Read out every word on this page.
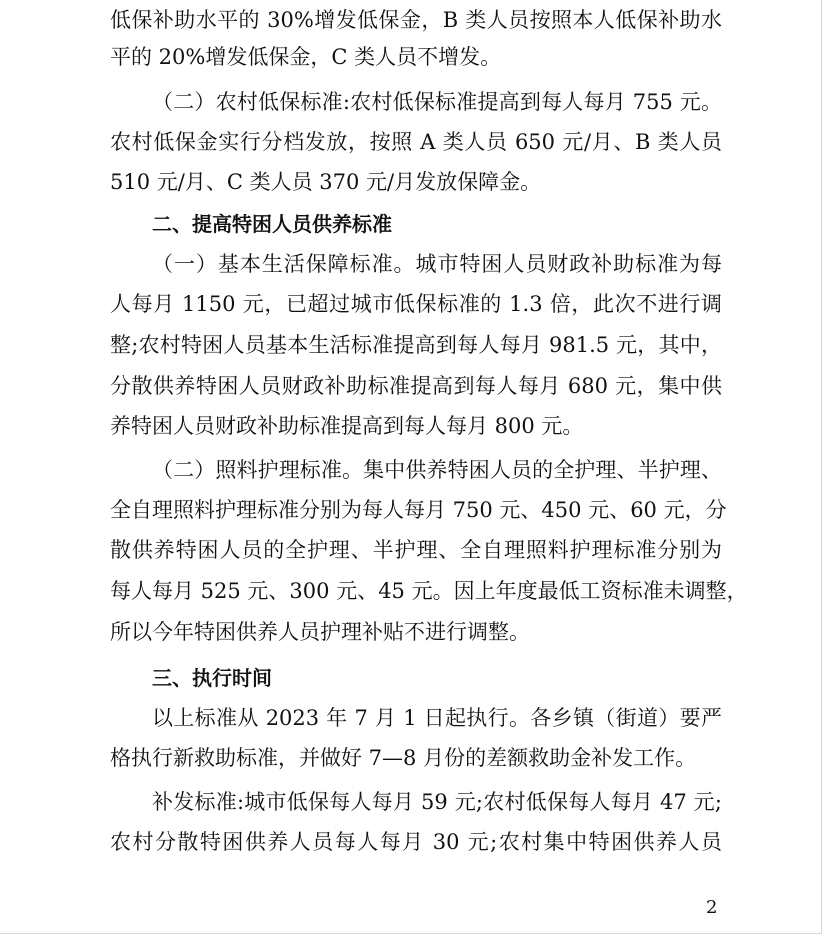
低保补助水平的 30%增发低保金，B 类人员按照本人低保补助水
平的 20%增发低保金，C 类人员不增发。
（二）农村低保标准:农村低保标准提高到每人每月 755 元。
农村低保金实行分档发放，按照 A 类人员 650 元/月、B 类人员
510 元/月、C 类人员 370 元/月发放保障金。
二、提高特困人员供养标准
（一）基本生活保障标准。城市特困人员财政补助标准为每
人每月 1150 元，已超过城市低保标准的 1.3 倍，此次不进行调
整;农村特困人员基本生活标准提高到每人每月 981.5 元，其中，
分散供养特困人员财政补助标准提高到每人每月 680 元，集中供
养特困人员财政补助标准提高到每人每月 800 元。
（二）照料护理标准。集中供养特困人员的全护理、半护理、
全自理照料护理标准分别为每人每月 750 元、450 元、60 元，分
散供养特困人员的全护理、半护理、全自理照料护理标准分别为
每人每月 525 元、300 元、45 元。因上年度最低工资标准未调整，
所以今年特困供养人员护理补贴不进行调整。
三、执行时间
以上标准从 2023 年 7 月 1 日起执行。各乡镇（街道）要严
格执行新救助标准，并做好 7—8 月份的差额救助金补发工作。
补发标准:城市低保每人每月 59 元;农村低保每人每月 47 元;
农村分散特困供养人员每人每月 30 元;农村集中特困供养人员
2
